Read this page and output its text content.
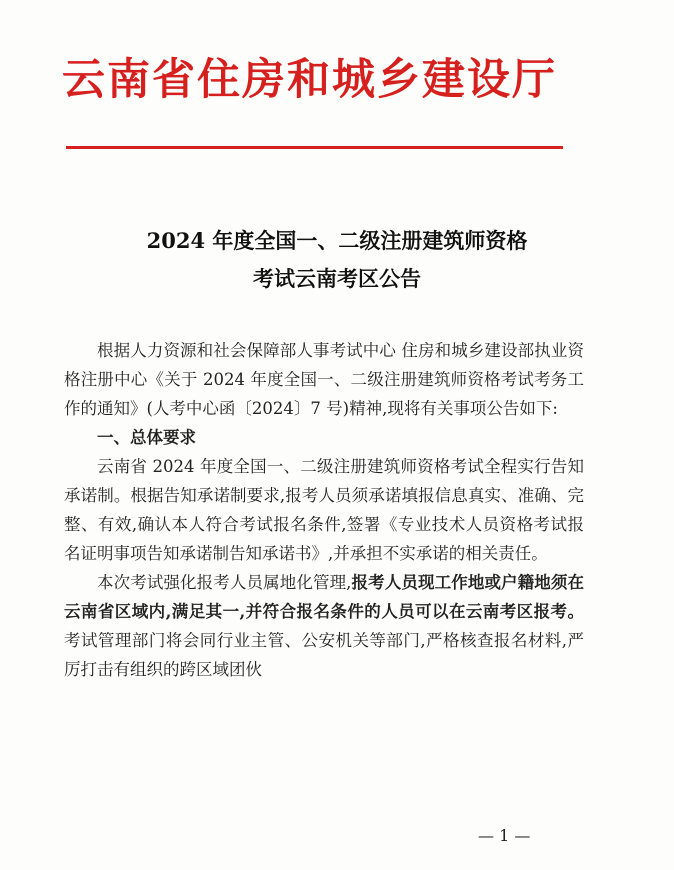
云南省住房和城乡建设厅
2024 年度全国一、二级注册建筑师资格
考试云南考区公告

根据人力资源和社会保障部人事考试中心 住房和城乡建设部执业资格注册中心《关于 2024 年度全国一、二级注册建筑师资格考试考务工作的通知》(人考中心函〔2024〕7 号)精神,现将有关事项公告如下:

一、总体要求

云南省 2024 年度全国一、二级注册建筑师资格考试全程实行告知承诺制。根据告知承诺制要求,报考人员须承诺填报信息真实、准确、完整、有效,确认本人符合考试报名条件,签署《专业技术人员资格考试报名证明事项告知承诺制告知承诺书》,并承担不实承诺的相关责任。

本次考试强化报考人员属地化管理,报考人员现工作地或户籍地须在云南省区域内,满足其一,并符合报名条件的人员可以在云南考区报考。考试管理部门将会同行业主管、公安机关等部门,严格核查报名材料,严厉打击有组织的跨区域团伙

— 1 —
